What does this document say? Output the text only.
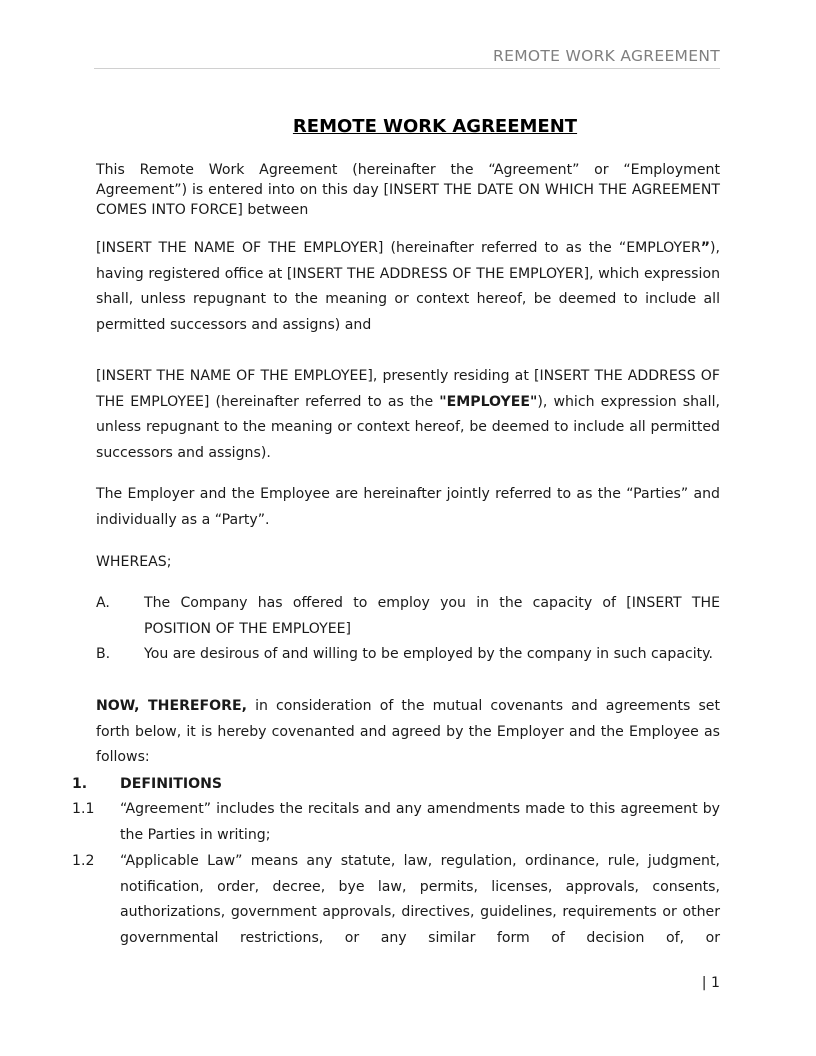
REMOTE WORK AGREEMENT
REMOTE WORK AGREEMENT
This Remote Work Agreement (hereinafter the “Agreement” or “Employment Agreement”) is entered into on this day [INSERT THE DATE ON WHICH THE AGREEMENT COMES INTO FORCE] between
[INSERT THE NAME OF THE EMPLOYER] (hereinafter referred to as the “EMPLOYER”), having registered office at [INSERT THE ADDRESS OF THE EMPLOYER], which expression shall, unless repugnant to the meaning or context hereof, be deemed to include all permitted successors and assigns) and
[INSERT THE NAME OF THE EMPLOYEE], presently residing at [INSERT THE ADDRESS OF THE EMPLOYEE] (hereinafter referred to as the "EMPLOYEE"), which expression shall, unless repugnant to the meaning or context hereof, be deemed to include all permitted successors and assigns).
The Employer and the Employee are hereinafter jointly referred to as the “Parties” and individually as a “Party”.
WHEREAS;
A. The Company has offered to employ you in the capacity of [INSERT THE POSITION OF THE EMPLOYEE]
B. You are desirous of and willing to be employed by the company in such capacity.
NOW, THEREFORE, in consideration of the mutual covenants and agreements set forth below, it is hereby covenanted and agreed by the Employer and the Employee as follows:
1. DEFINITIONS
1.1 “Agreement” includes the recitals and any amendments made to this agreement by the Parties in writing;
1.2 “Applicable Law” means any statute, law, regulation, ordinance, rule, judgment, notification, order, decree, bye law, permits, licenses, approvals, consents, authorizations, government approvals, directives, guidelines, requirements or other governmental restrictions, or any similar form of decision of, or
| 1
